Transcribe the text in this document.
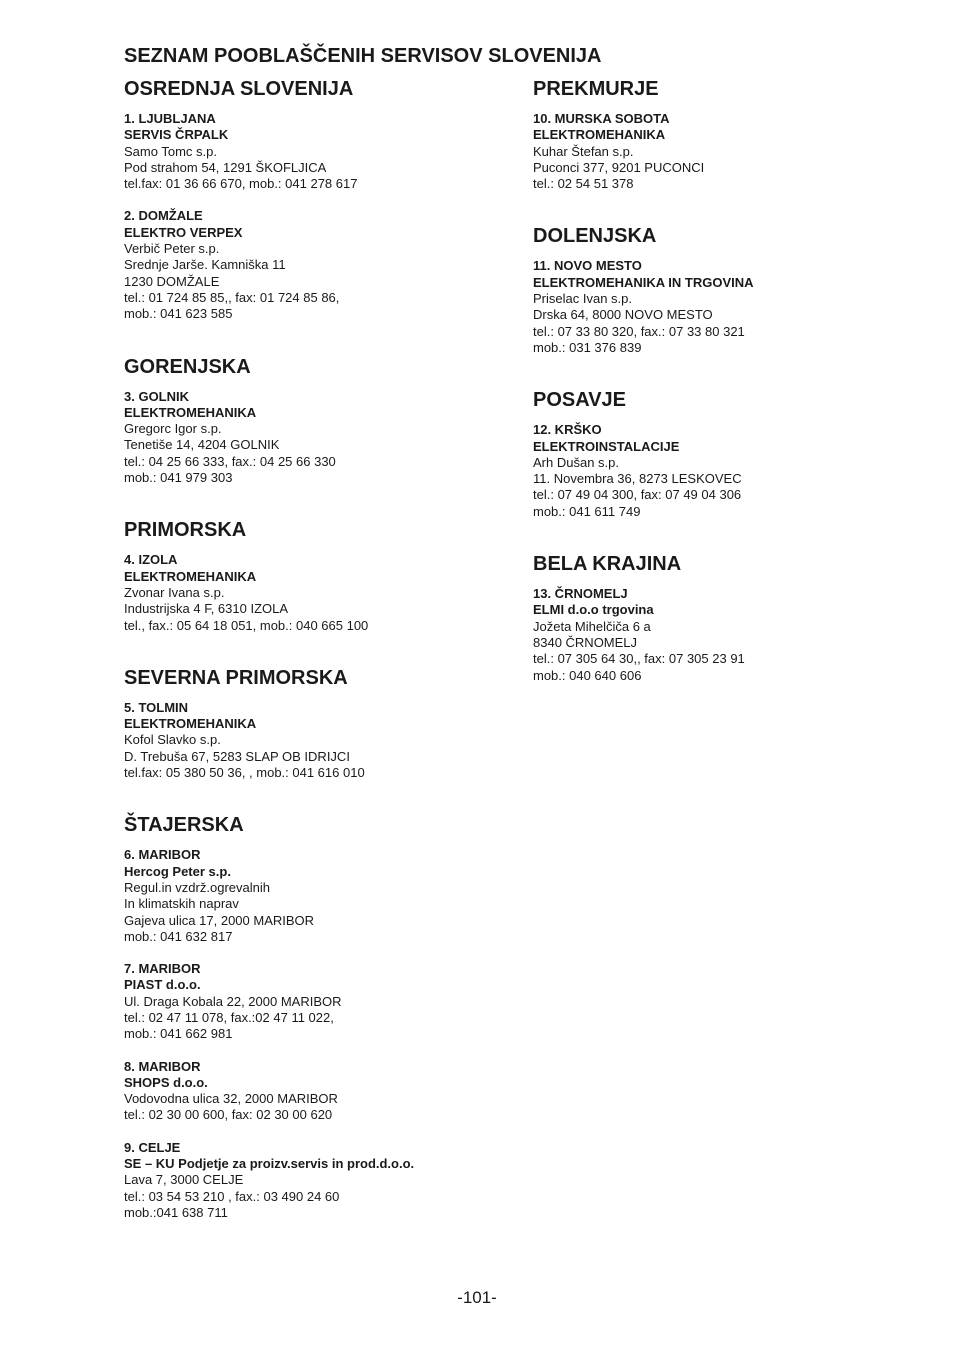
SEZNAM POOBLAŠČENIH SERVISOV SLOVENIJA
OSREDNJA SLOVENIJA
1. LJUBLJANA
SERVIS ČRPALK
Samo Tomc s.p.
Pod strahom 54, 1291 ŠKOFLJICA
tel.fax: 01 36 66 670, mob.: 041 278 617
2. DOMŽALE
ELEKTRO VERPEX
Verbič Peter s.p.
Srednje Jarše. Kamniška 11
1230 DOMŽALE
tel.: 01 724 85 85,, fax: 01 724 85 86,
mob.: 041 623 585
GORENJSKA
3. GOLNIK
ELEKTROMEHANIKA
Gregorc Igor s.p.
Tenetiše 14, 4204 GOLNIK
tel.: 04 25 66 333, fax.: 04 25 66 330
mob.: 041 979 303
PRIMORSKA
4. IZOLA
ELEKTROMEHANIKA
Zvonar Ivana s.p.
Industrijska 4 F, 6310 IZOLA
tel., fax.: 05 64 18 051, mob.: 040 665 100
SEVERNA PRIMORSKA
5. TOLMIN
ELEKTROMEHANIKA
Kofol Slavko s.p.
D. Trebuša 67, 5283 SLAP OB IDRIJCI
tel.fax: 05 380 50 36, , mob.: 041 616 010
ŠTAJERSKA
6. MARIBOR
Hercog Peter s.p.
Regul.in vzdrž.ogrevalnih
In klimatskih naprav
Gajeva ulica 17, 2000 MARIBOR
mob.: 041 632 817
7. MARIBOR
PIAST d.o.o.
Ul. Draga Kobala 22, 2000 MARIBOR
tel.: 02 47 11 078, fax.:02 47 11 022,
mob.: 041 662 981
8. MARIBOR
SHOPS d.o.o.
Vodovodna ulica 32, 2000 MARIBOR
tel.: 02 30 00 600, fax: 02 30 00 620
9. CELJE
SE – KU Podjetje za proizv.servis in prod.d.o.o.
Lava 7, 3000 CELJE
tel.: 03 54 53 210 , fax.: 03 490 24 60
mob.:041 638 711
PREKMURJE
10. MURSKA SOBOTA
ELEKTROMEHANIKA
Kuhar Štefan s.p.
Puconci 377, 9201 PUCONCI
tel.: 02 54 51 378
DOLENJSKA
11. NOVO MESTO
ELEKTROMEHANIKA IN TRGOVINA
Priselac Ivan s.p.
Drska 64, 8000 NOVO MESTO
tel.: 07 33 80 320, fax.: 07 33 80 321
mob.: 031 376 839
POSAVJE
12. KRŠKO
ELEKTROINSTALACIJE
Arh Dušan s.p.
11. Novembra 36, 8273 LESKOVEC
tel.: 07 49 04 300, fax: 07 49 04 306
mob.: 041 611 749
BELA KRAJINA
13. ČRNOMELJ
ELMI d.o.o trgovina
Jožeta Mihelčiča 6 a
8340 ČRNOMELJ
tel.: 07 305 64 30,, fax: 07 305 23 91
mob.: 040 640 606
-101-
